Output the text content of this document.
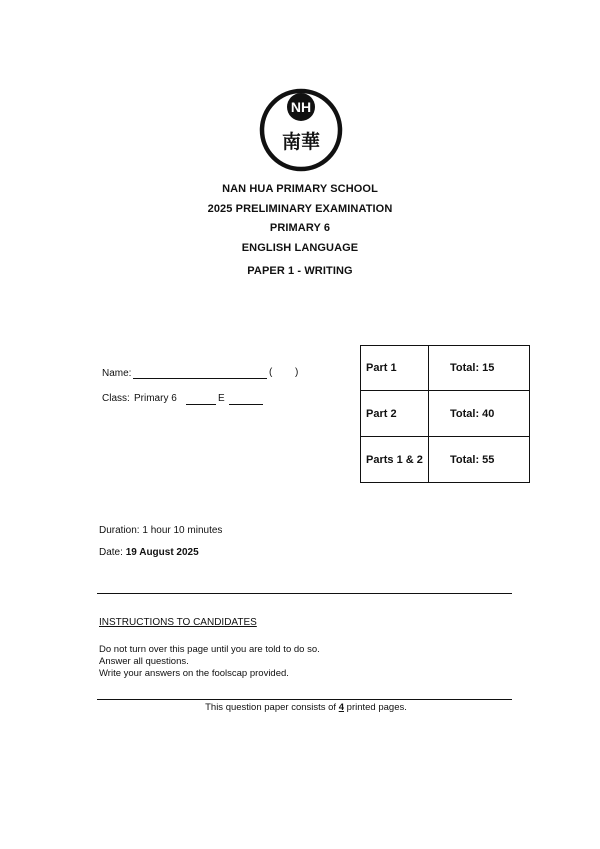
NH
南華
NAN HUA PRIMARY SCHOOL
2025 PRELIMINARY EXAMINATION
PRIMARY 6
ENGLISH LANGUAGE
PAPER 1 - WRITING
Name:	( )
Class: Primary 6	E
Part 1	Total: 15
Part 2	Total: 40
Parts 1 & 2	Total: 55
Duration: 1 hour 10 minutes
Date: 19 August 2025
INSTRUCTIONS TO CANDIDATES
Do not turn over this page until you are told to do so.
Answer all questions.
Write your answers on the foolscap provided.
This question paper consists of 4 printed pages.
